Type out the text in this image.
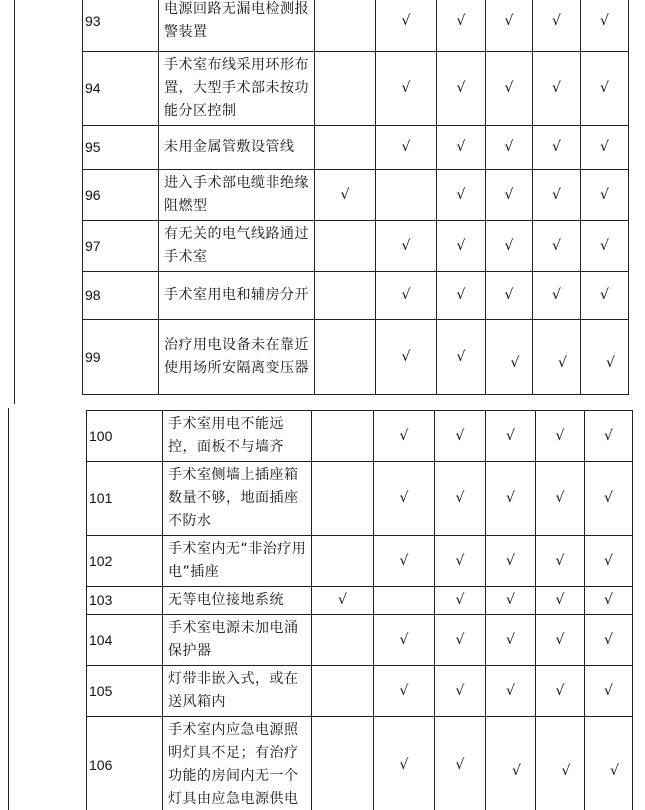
93	电源回路无漏电检测报警装置		√	√	√	√	√
94	手术室布线采用环形布置，大型手术部未按功能分区控制		√	√	√	√	√
95	未用金属管敷设管线		√	√	√	√	√
96	进入手术部电缆非绝缘阻燃型	√		√	√	√	√
97	有无关的电气线路通过手术室		√	√	√	√	√
98	手术室用电和辅房分开		√	√	√	√	√
99	治疗用电设备未在靠近使用场所安隔离变压器		√	√	√	√	√
100	手术室用电不能远控，面板不与墙齐		√	√	√	√	√
101	手术室侧墙上插座箱数量不够，地面插座不防水		√	√	√	√	√
102	手术室内无“非治疗用电”插座		√	√	√	√	√
103	无等电位接地系统	√		√	√	√	√
104	手术室电源未加电涌保护器		√	√	√	√	√
105	灯带非嵌入式，或在送风箱内		√	√	√	√	√
106	手术室内应急电源照明灯具不足；有治疗功能的房间内无一个灯具由应急电源供电		√	√	√	√	√
